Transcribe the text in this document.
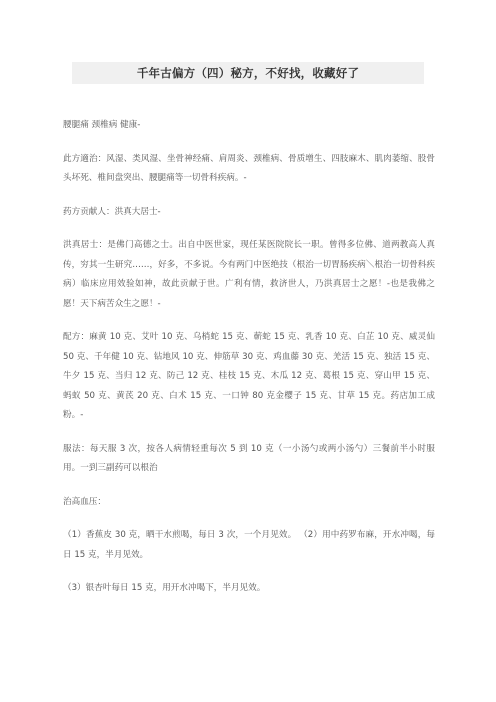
千年古偏方（四）秘方，不好找，收藏好了

腰腿痛 颈椎病 健康-

此方適治：风湿、类风湿、坐骨神经痛、肩周炎、颈椎病、骨质增生、四肢麻木、肌肉萎缩、股骨头坏死、椎间盘突出、腰腿痛等一切骨科疾病。-

药方贡献人：洪真大居士-

洪真居士：是佛门高德之士。出自中医世家，现任某医院院长一职。曾得多位佛、道两教高人真传，穷其一生研究……，好多，不多说。今有两门中医绝技（根治一切胃肠疾病＼根治一切骨科疾病）临床应用效验如神，故此贡献于世。广利有情，救济世人，乃洪真居士之愿！-也是我佛之愿！天下病苦众生之愿！-

配方：麻黄 10 克、艾叶 10 克、乌梢蛇 15 克、蕲蛇 15 克、乳香 10 克、白芷 10 克、威灵仙 50 克、千年健 10 克、钻地风 10 克、伸筋草 30 克、鸡血藤 30 克、羌活 15 克、独活 15 克、牛夕 15 克、当归 12 克、防己 12 克、桂枝 15 克、木瓜 12 克、葛根 15 克、穿山甲 15 克、蚂蚁 50 克、黄芪 20 克、白术 15 克、一口钟 80 克金樱子 15 克、甘草 15 克。药店加工成粉。-

服法：每天服 3 次，按各人病情轻重每次 5 到 10 克（一小汤勺或两小汤勺）三餐前半小时服用。一到三副药可以根治

治高血压：

（1）香蕉皮 30 克，晒干水煎喝，每日 3 次，一个月见效。 （2）用中药罗布麻，开水冲喝，每日 15 克，半月见效。

（3）银杏叶每日 15 克，用开水冲喝下，半月见效。
